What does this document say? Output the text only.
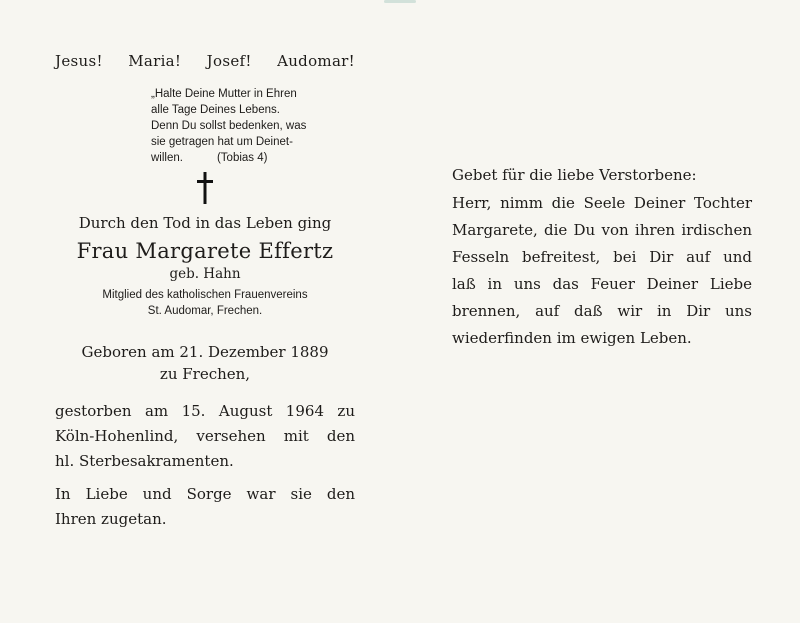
Jesus! Maria! Josef! Audomar!
„Halte Deine Mutter in Ehren
alle Tage Deines Lebens.
Denn Du sollst bedenken, was
sie getragen hat um Deinet-
willen.	(Tobias 4)
Durch den Tod in das Leben ging
Frau Margarete Effertz
geb. Hahn
Mitglied des katholischen Frauenvereins
St. Audomar, Frechen.
Geboren am 21. Dezember 1889
zu Frechen,
gestorben am 15. August 1964 zu
Köln-Hohenlind, versehen mit den
hl. Sterbesakramenten.
In Liebe und Sorge war sie den
Ihren zugetan.
Gebet für die liebe Verstorbene:
Herr, nimm die Seele Deiner Tochter
Margarete, die Du von ihren irdischen
Fesseln befreitest, bei Dir auf und
laß in uns das Feuer Deiner Liebe
brennen, auf daß wir in Dir uns
wiederfinden im ewigen Leben.
